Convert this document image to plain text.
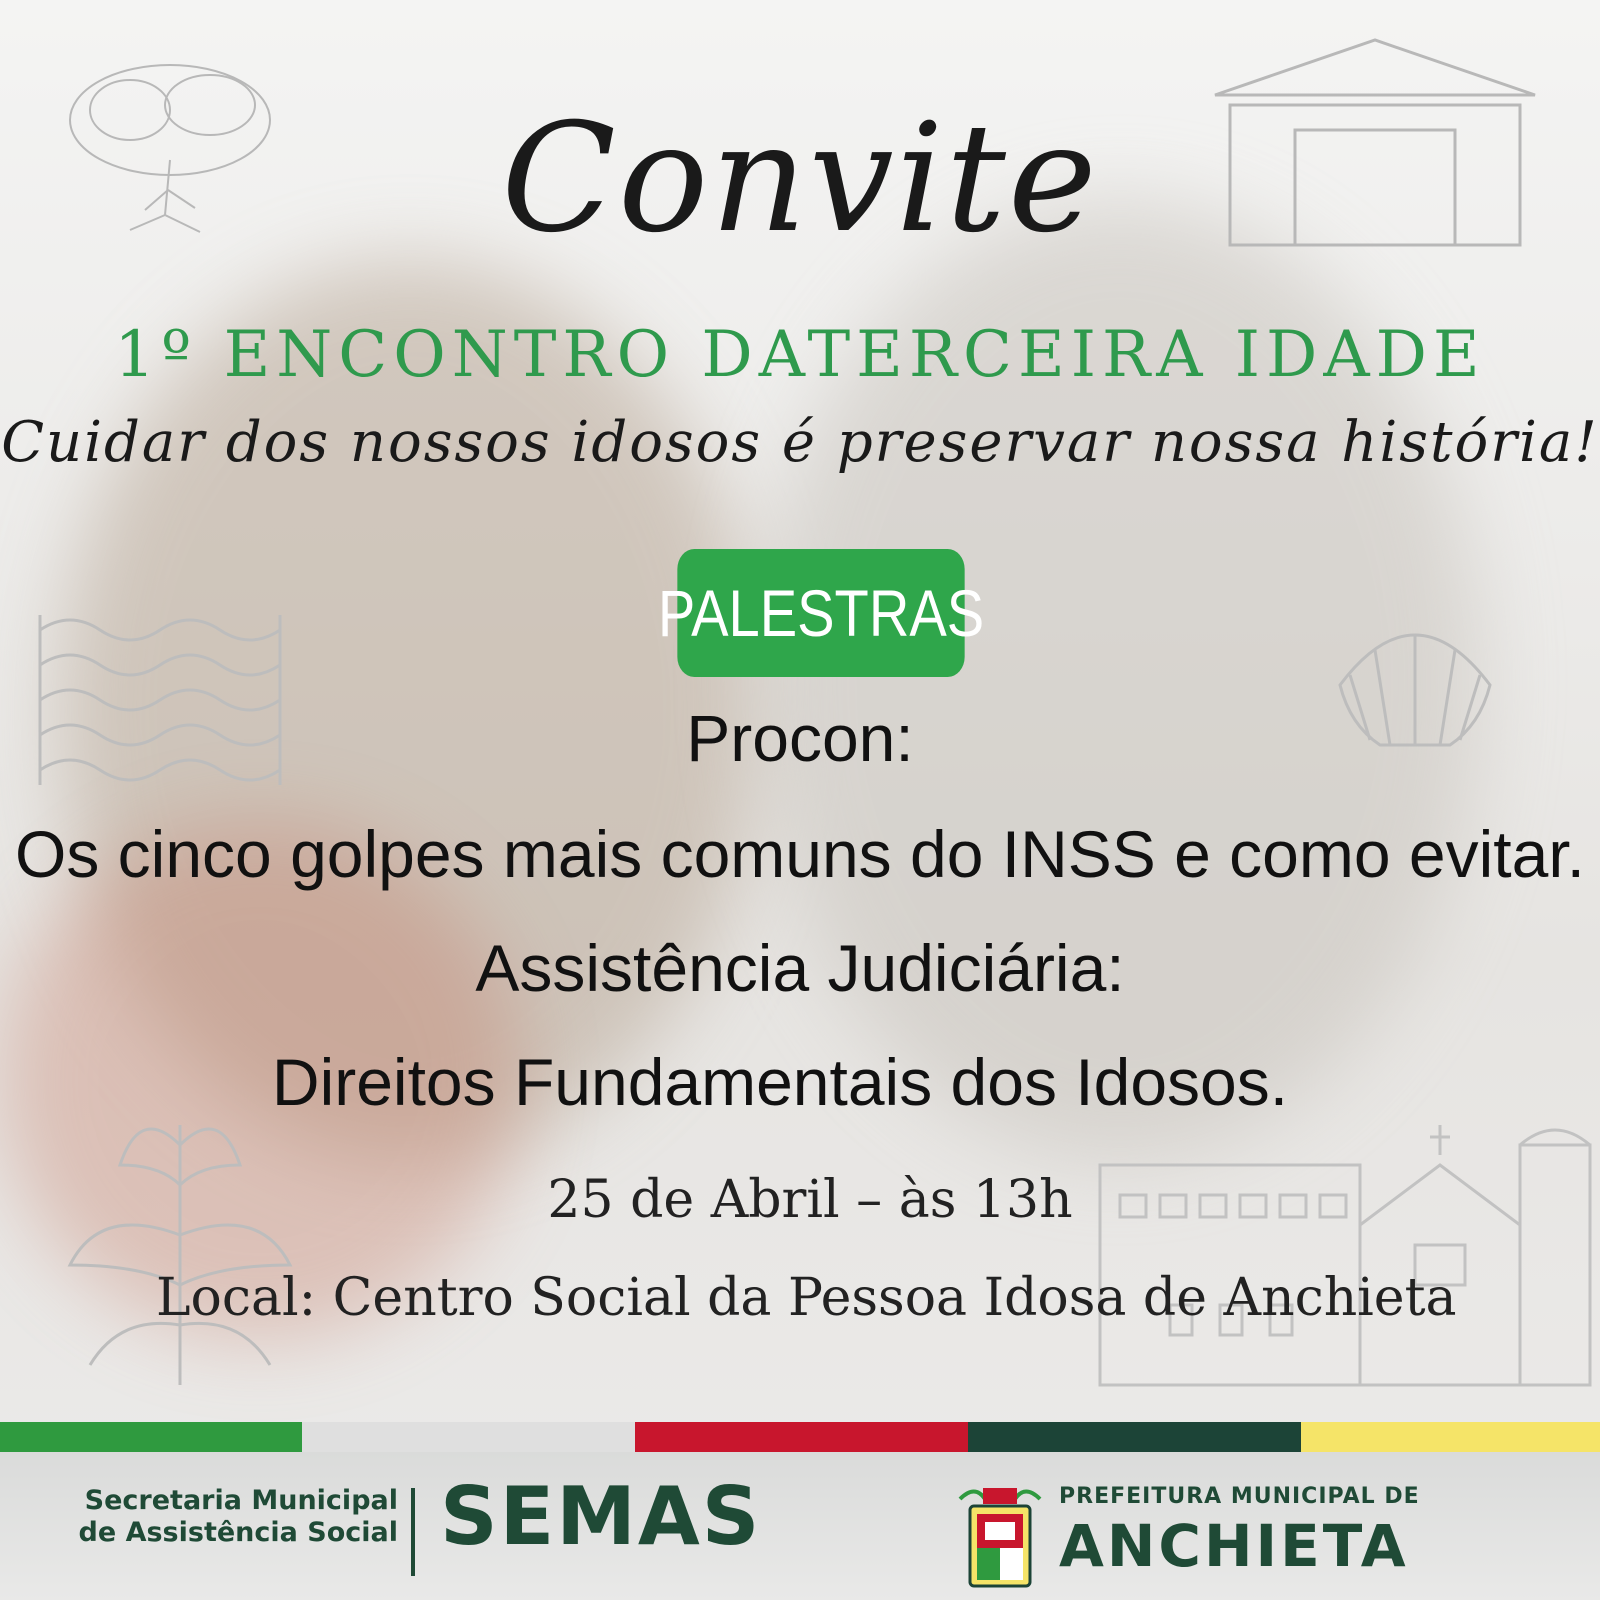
Convite
1º ENCONTRO DATERCEIRA IDADE
Cuidar dos nossos idosos é preservar nossa história!
PALESTRAS
Procon:
Os cinco golpes mais comuns do INSS e como evitar.
Assistência Judiciária:
Direitos Fundamentais dos Idosos.
25 de Abril – às 13h
Local: Centro Social da Pessoa Idosa de Anchieta
Secretaria Municipal
de Assistência Social SEMAS	PREFEITURA MUNICIPAL DE
ANCHIETA
